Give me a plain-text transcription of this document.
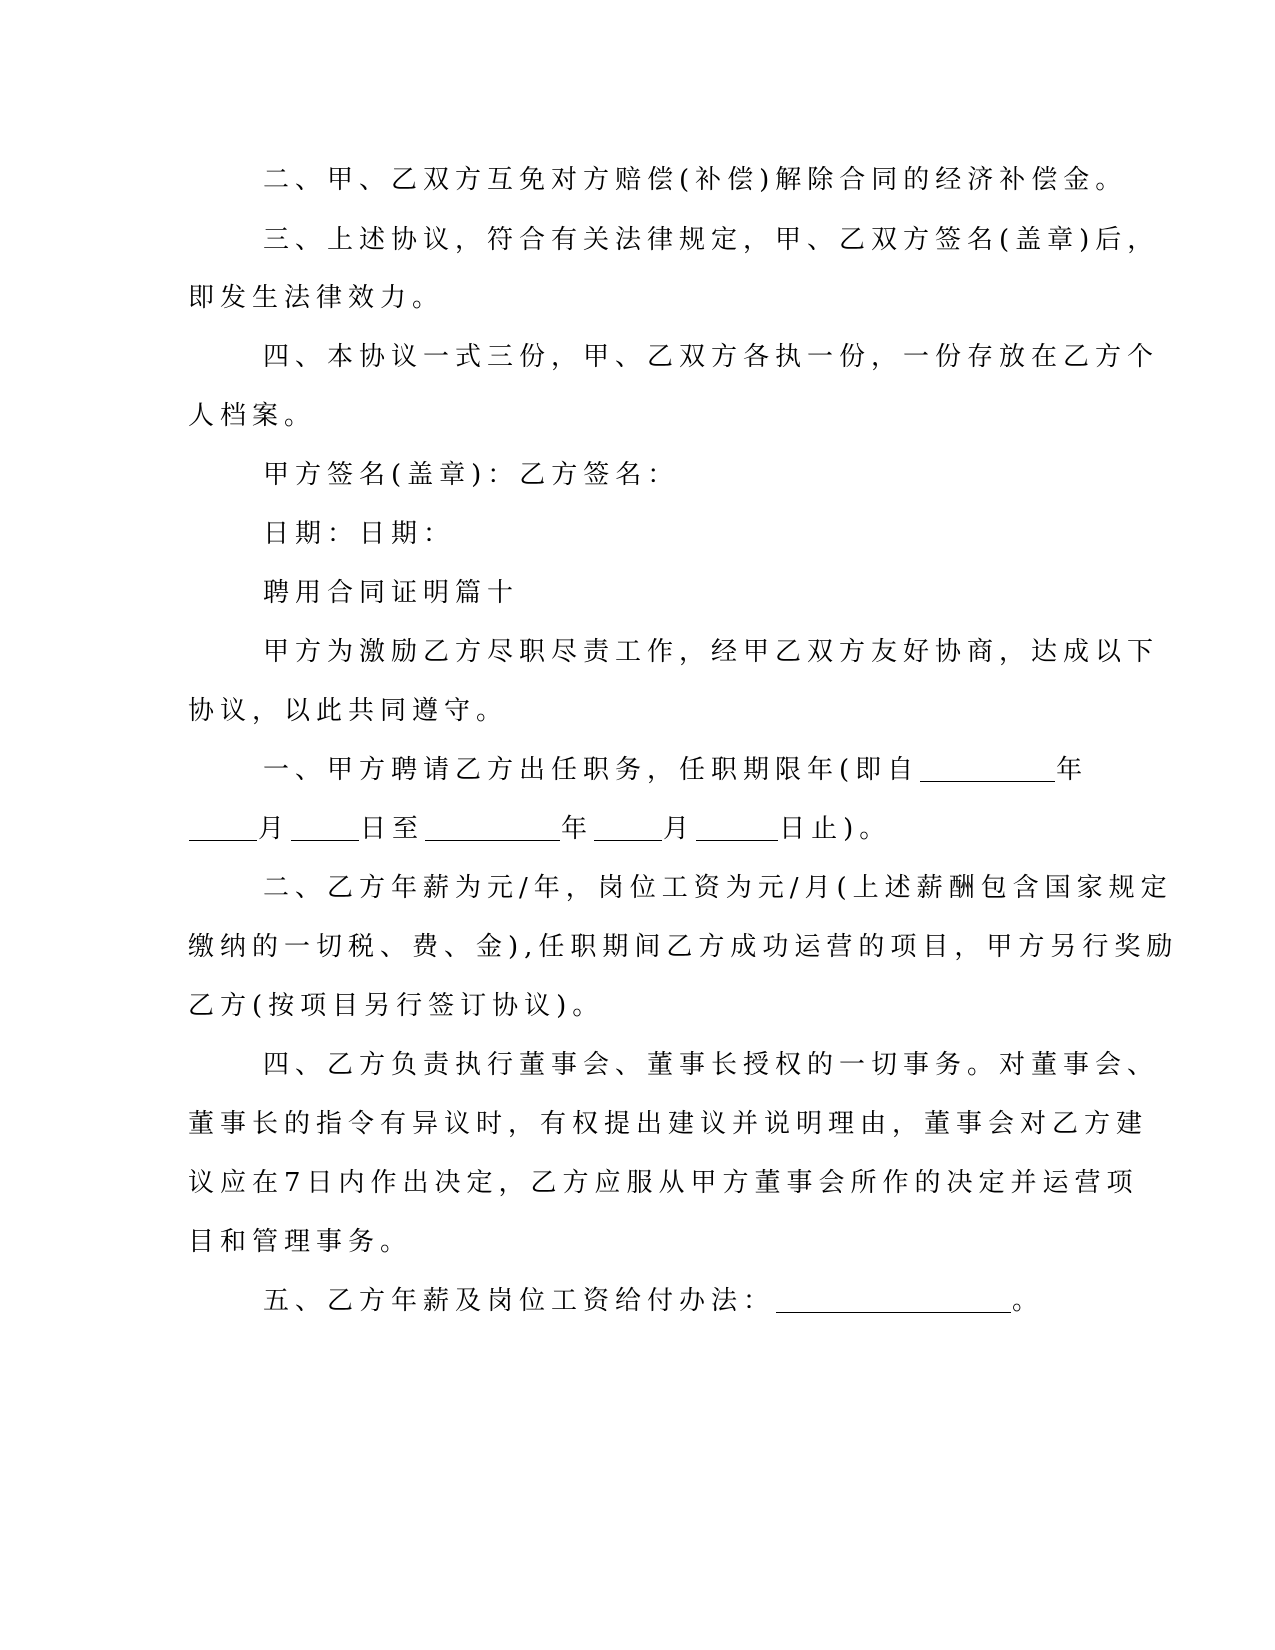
二、甲、乙双方互免对方赔偿(补偿)解除合同的经济补偿金。
三、上述协议，符合有关法律规定，甲、乙双方签名(盖章)后，
即发生法律效力。
四、本协议一式三份，甲、乙双方各执一份，一份存放在乙方个
人档案。
甲方签名(盖章)：乙方签名：
日期：日期：
聘用合同证明篇十
甲方为激励乙方尽职尽责工作，经甲乙双方友好协商，达成以下
协议，以此共同遵守。
一、甲方聘请乙方出任职务，任职期限年(即自	年
月	日至	年	月	日止)。
二、乙方年薪为元/年，岗位工资为元/月(上述薪酬包含国家规定
缴纳的一切税、费、金),任职期间乙方成功运营的项目，甲方另行奖励
乙方(按项目另行签订协议)。
四、乙方负责执行董事会、董事长授权的一切事务。对董事会、
董事长的指令有异议时，有权提出建议并说明理由，董事会对乙方建
议应在7日内作出决定，乙方应服从甲方董事会所作的决定并运营项
目和管理事务。
五、乙方年薪及岗位工资给付办法：	。
